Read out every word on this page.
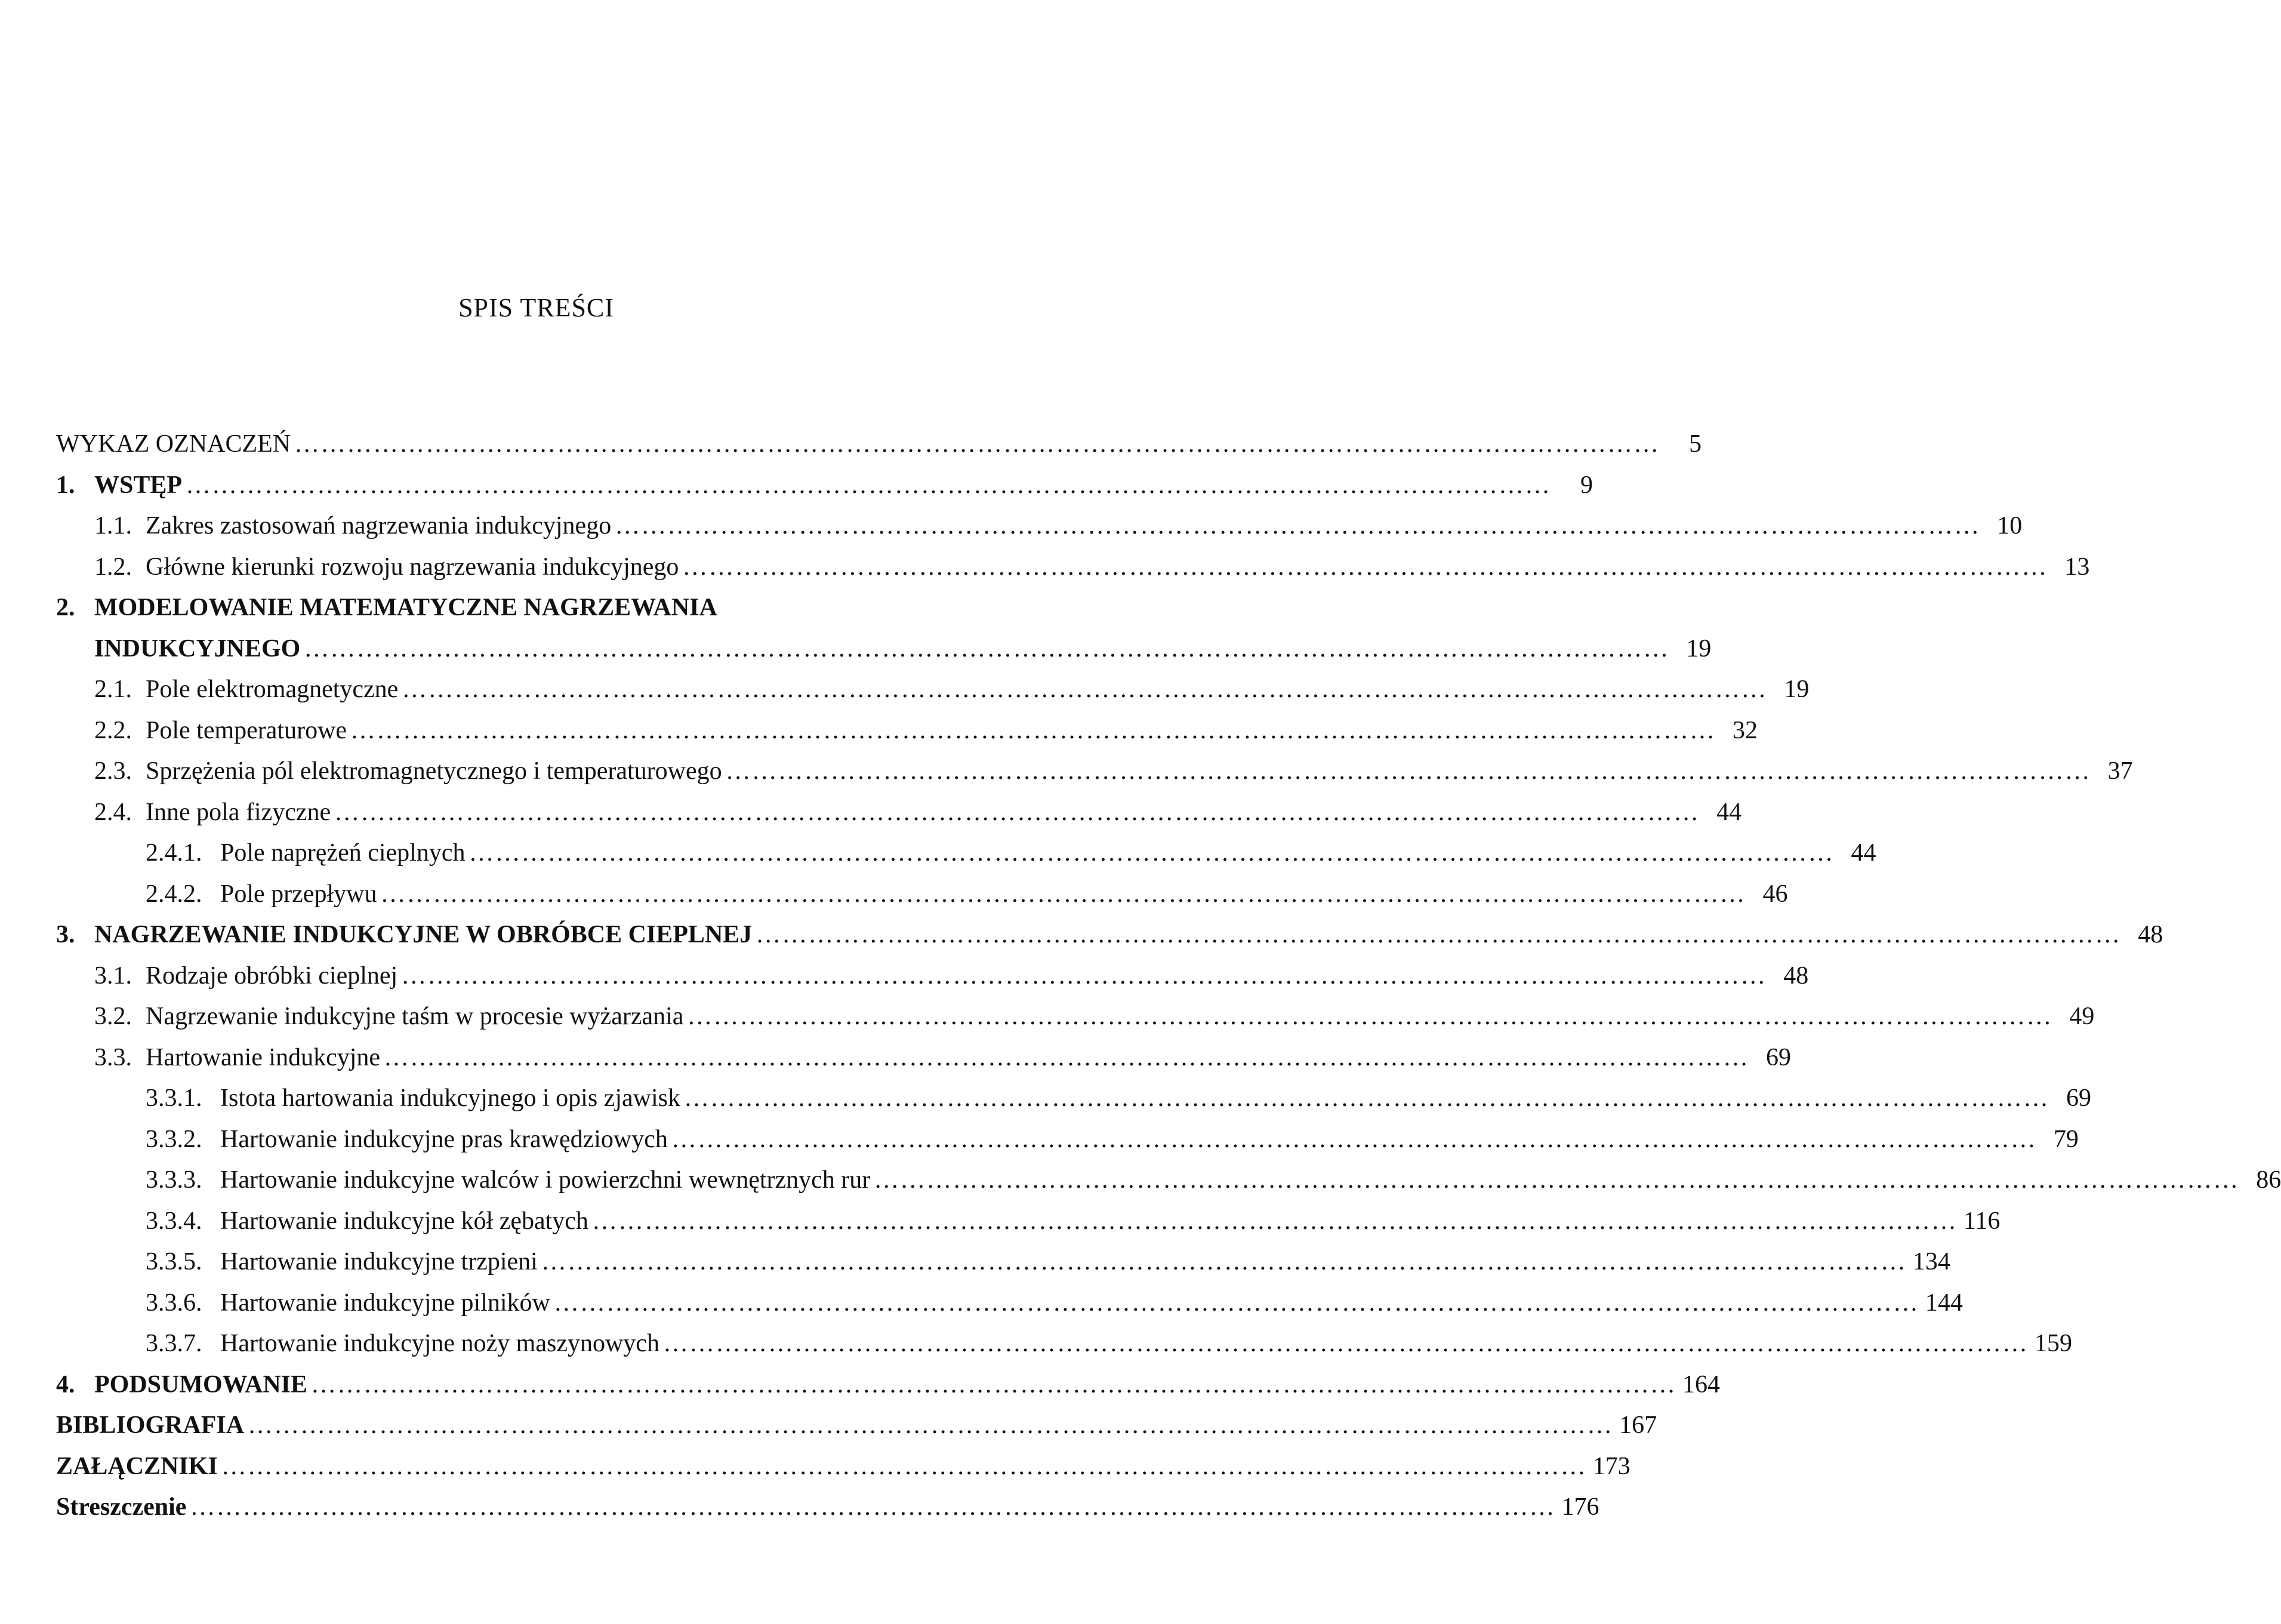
SPIS TREŚCI
WYKAZ OZNACZEŃ …………………………………………………………………………………………………………………………………………	5
1. WSTĘP …………………………………………………………………………………………………………………………………………	9
1.1. Zakres zastosowań nagrzewania indukcyjnego ………………………………………………………………………………………………………………………………………… 10
1.2. Główne kierunki rozwoju nagrzewania indukcyjnego ………………………………………………………………………………………………………………………………………… 13
2. MODELOWANIE MATEMATYCZNE NAGRZEWANIA
INDUKCYJNEGO ………………………………………………………………………………………………………………………………………… 19
2.1. Pole elektromagnetyczne ………………………………………………………………………………………………………………………………………… 19
2.2. Pole temperaturowe ………………………………………………………………………………………………………………………………………… 32
2.3. Sprzężenia pól elektromagnetycznego i temperaturowego ………………………………………………………………………………………………………………………………………… 37
2.4. Inne pola fizyczne ………………………………………………………………………………………………………………………………………… 44
2.4.1. Pole naprężeń cieplnych ………………………………………………………………………………………………………………………………………… 44
2.4.2. Pole przepływu ………………………………………………………………………………………………………………………………………… 46
3. NAGRZEWANIE INDUKCYJNE W OBRÓBCE CIEPLNEJ ………………………………………………………………………………………………………………………………………… 48
3.1. Rodzaje obróbki cieplnej ………………………………………………………………………………………………………………………………………… 48
3.2. Nagrzewanie indukcyjne taśm w procesie wyżarzania ………………………………………………………………………………………………………………………………………… 49
3.3. Hartowanie indukcyjne ………………………………………………………………………………………………………………………………………… 69
3.3.1. Istota hartowania indukcyjnego i opis zjawisk ………………………………………………………………………………………………………………………………………… 69
3.3.2. Hartowanie indukcyjne pras krawędziowych ………………………………………………………………………………………………………………………………………… 79
3.3.3. Hartowanie indukcyjne walców i powierzchni wewnętrznych rur ………………………………………………………………………………………………………………………………………… 86
3.3.4. Hartowanie indukcyjne kół zębatych ………………………………………………………………………………………………………………………………………… 116
3.3.5. Hartowanie indukcyjne trzpieni ………………………………………………………………………………………………………………………………………… 134
3.3.6. Hartowanie indukcyjne pilników ………………………………………………………………………………………………………………………………………… 144
3.3.7. Hartowanie indukcyjne noży maszynowych ………………………………………………………………………………………………………………………………………… 159
4. PODSUMOWANIE ………………………………………………………………………………………………………………………………………… 164
BIBLIOGRAFIA ………………………………………………………………………………………………………………………………………… 167
ZAŁĄCZNIKI ………………………………………………………………………………………………………………………………………… 173
Streszczenie ………………………………………………………………………………………………………………………………………… 176
